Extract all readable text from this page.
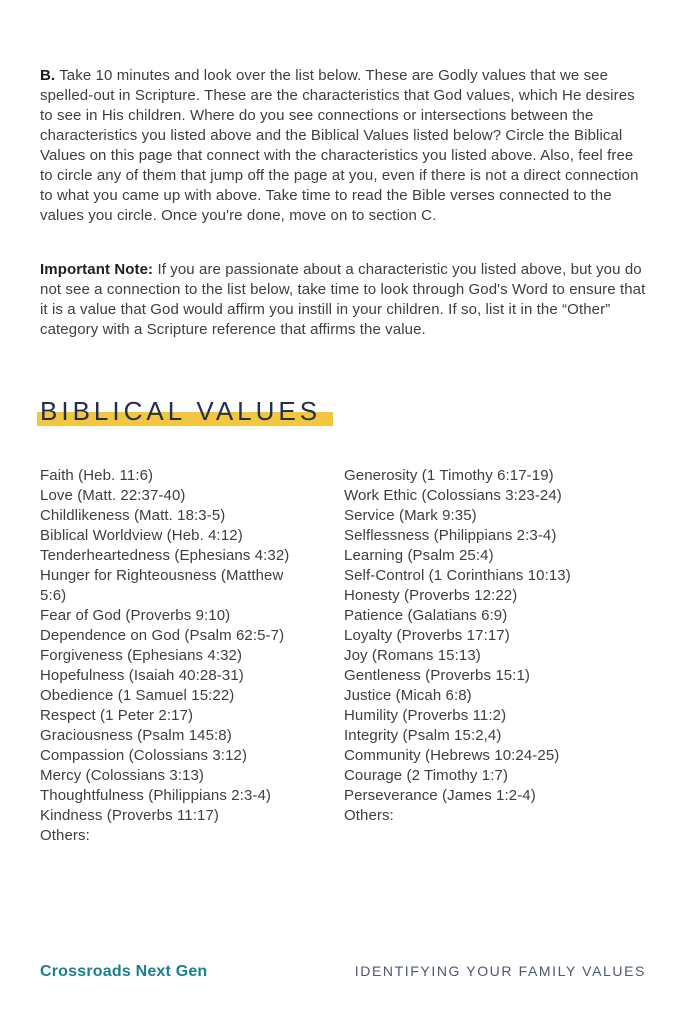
B. Take 10 minutes and look over the list below. These are Godly values that we see spelled-out in Scripture. These are the characteristics that God values, which He desires to see in His children. Where do you see connections or intersections between the characteristics you listed above and the Biblical Values listed below? Circle the Biblical Values on this page that connect with the characteristics you listed above. Also, feel free to circle any of them that jump off the page at you, even if there is not a direct connection to what you came up with above. Take time to read the Bible verses connected to the values you circle. Once you're done, move on to section C.

Important Note: If you are passionate about a characteristic you listed above, but you do not see a connection to the list below, take time to look through God's Word to ensure that it is a value that God would affirm you instill in your children. If so, list it in the “Other” category with a Scripture reference that affirms the value.

BIBLICAL VALUES

Faith (Heb. 11:6)

Love (Matt. 22:37-40)

Childlikeness (Matt. 18:3-5)

Biblical Worldview (Heb. 4:12)

Tenderheartedness (Ephesians 4:32)

Hunger for Righteousness (Matthew 5:6)

Fear of God (Proverbs 9:10)

Dependence on God (Psalm 62:5-7)

Forgiveness (Ephesians 4:32)

Hopefulness (Isaiah 40:28-31)

Obedience (1 Samuel 15:22)

Respect (1 Peter 2:17)

Graciousness (Psalm 145:8)

Compassion (Colossians 3:12)

Mercy (Colossians 3:13)

Thoughtfulness (Philippians 2:3-4)

Kindness (Proverbs 11:17)

Others:

Generosity (1 Timothy 6:17-19)

Work Ethic (Colossians 3:23-24)

Service (Mark 9:35)

Selflessness (Philippians 2:3-4)

Learning (Psalm 25:4)

Self-Control (1 Corinthians 10:13)

Honesty (Proverbs 12:22)

Patience (Galatians 6:9)

Loyalty (Proverbs 17:17)

Joy (Romans 15:13)

Gentleness (Proverbs 15:1)

Justice (Micah 6:8)

Humility (Proverbs 11:2)

Integrity (Psalm 15:2,4)

Community (Hebrews 10:24-25)

Courage (2 Timothy 1:7)

Perseverance (James 1:2-4)

Others:

Crossroads Next Gen	IDENTIFYING YOUR FAMILY VALUES
